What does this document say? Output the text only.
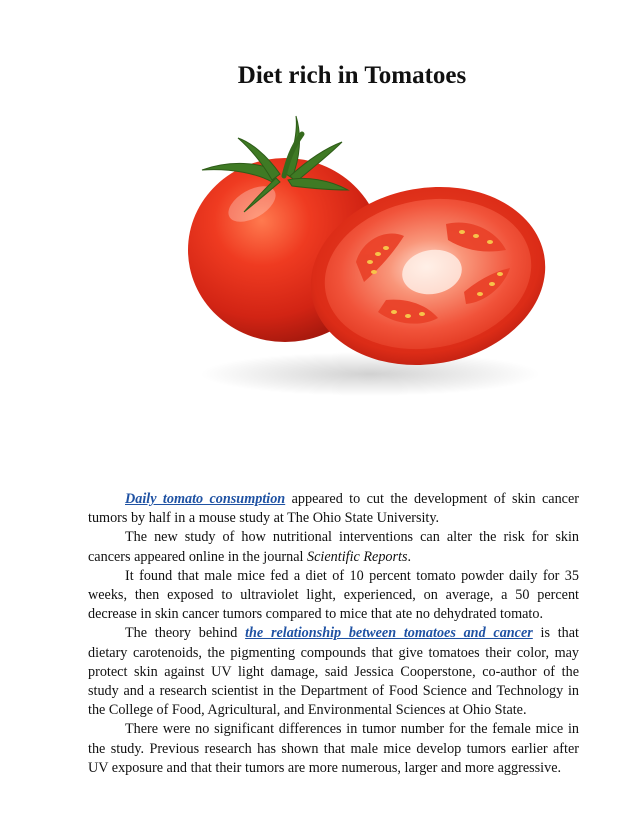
Diet rich in Tomatoes

Daily tomato consumption appeared to cut the development of skin cancer tumors by half in a mouse study at The Ohio State University.

The new study of how nutritional interventions can alter the risk for skin cancers appeared online in the journal Scientific Reports.

It found that male mice fed a diet of 10 percent tomato powder daily for 35 weeks, then exposed to ultraviolet light, experienced, on average, a 50 percent decrease in skin cancer tumors compared to mice that ate no dehydrated tomato.

The theory behind the relationship between tomatoes and cancer is that dietary carotenoids, the pigmenting compounds that give tomatoes their color, may protect skin against UV light damage, said Jessica Cooperstone, co-author of the study and a research scientist in the Department of Food Science and Technology in the College of Food, Agricultural, and Environmental Sciences at Ohio State.

There were no significant differences in tumor number for the female mice in the study. Previous research has shown that male mice develop tumors earlier after UV exposure and that their tumors are more numerous, larger and more aggressive.
